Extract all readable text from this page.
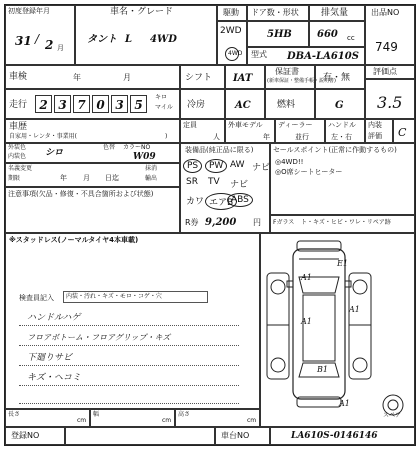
初度登録年月
31 / 2 月
車名・グレード
タント L 4WD
駆動
2WD
4WD
ドア数・形状
5HB
排気量
660 cc
出品NO
749
型式 DBA-LA610S
車検	年	月	シフト IAT
保証書
(新車保証・整備手帳・説明書)
有・無
評価点
3.5
走行	2 3 7 0 3 5
キロ
マイル 冷房	AC	燃料	G
車歴
自家用・レンタ・事業用(	)
定員
人
外車モデル
年
ディーラー
並行
ハンドル
左・右
内装
評価 C
外装色
内装色 シロ
色替 カラーNO
W09
名義変更
期限	年 月 日迄
抹消
輸出
注意事項(欠品・修復・不具合箇所および状態)
装備品(純正品に限る)
PS	PW AW ナビ
SR	TV	ナビ
カワ エアB
ABS
R券 9,200 円
セールスポイント(正常に作動するもの)
◎4WD!!
◎O席シートヒーター
Fガラス ト・キズ・ヒビ・ワレ・リペア跡
※スタッドレス(ノーマルタイヤ4本車載)
検査員記入 内装・汚れ・キズ・モロ・コゲ・穴
ハンドルハゲ
フロアボトーム・フロアグリップ・キズ
下廻りサビ
キズ・ヘコミ
A1
E1
A1
A1
B1
A1
スペア
長さ
cm
幅
cm
高さ
cm
登録NO	車台NO	LA610S-0146146
